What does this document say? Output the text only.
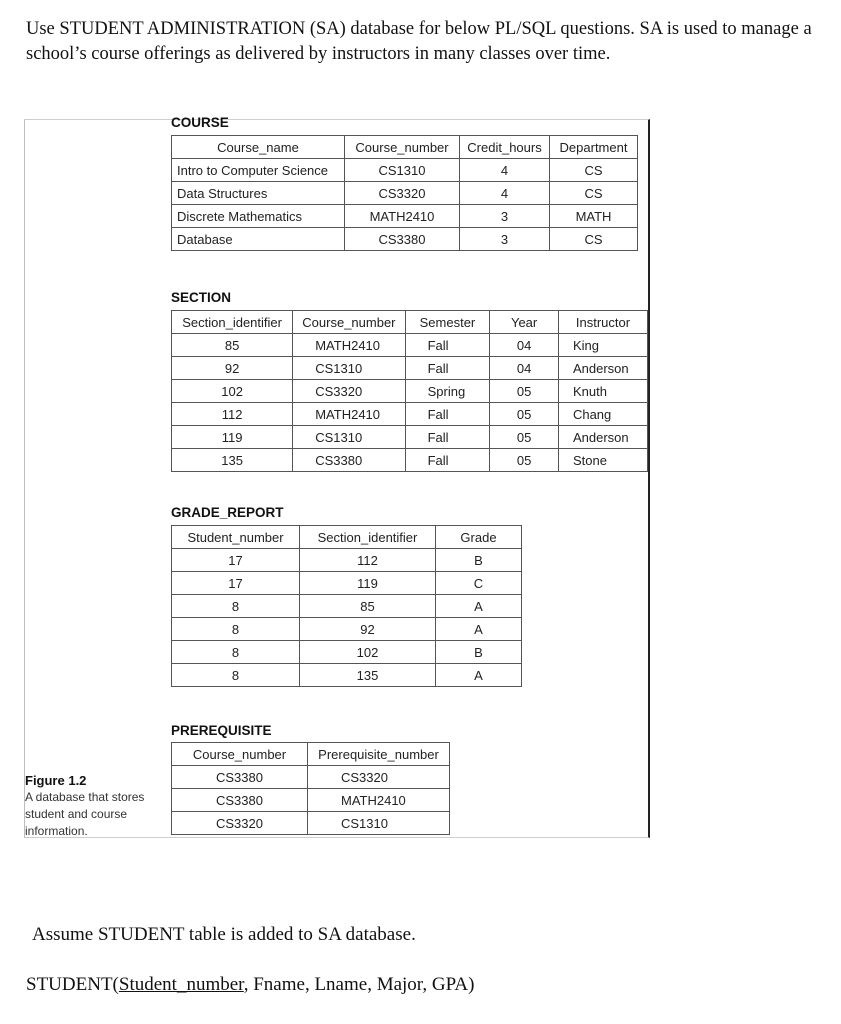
Use STUDENT ADMINISTRATION (SA) database for below PL/SQL questions. SA is used to manage a school’s course offerings as delivered by instructors in many classes over time.
COURSE
Course_name	Course_number	Credit_hours	Department
Intro to Computer Science	CS1310	4	CS
Data Structures	CS3320	4	CS
Discrete Mathematics	MATH2410	3	MATH
Database	CS3380	3	CS
SECTION
Section_identifier	Course_number	Semester	Year	Instructor
85	MATH2410	Fall	04	King
92	CS1310	Fall	04	Anderson
102	CS3320	Spring	05	Knuth
112	MATH2410	Fall	05	Chang
119	CS1310	Fall	05	Anderson
135	CS3380	Fall	05	Stone
GRADE_REPORT
Student_number	Section_identifier	Grade
17	112	B
17	119	C
8	85	A
8	92	A
8	102	B
8	135	A
PREREQUISITE
Course_number	Prerequisite_number
CS3380	CS3320
CS3380	MATH2410
CS3320	CS1310
Figure 1.2
A database that stores student and course information.
Assume STUDENT table is added to SA database.
STUDENT(Student_number, Fname, Lname, Major, GPA)
